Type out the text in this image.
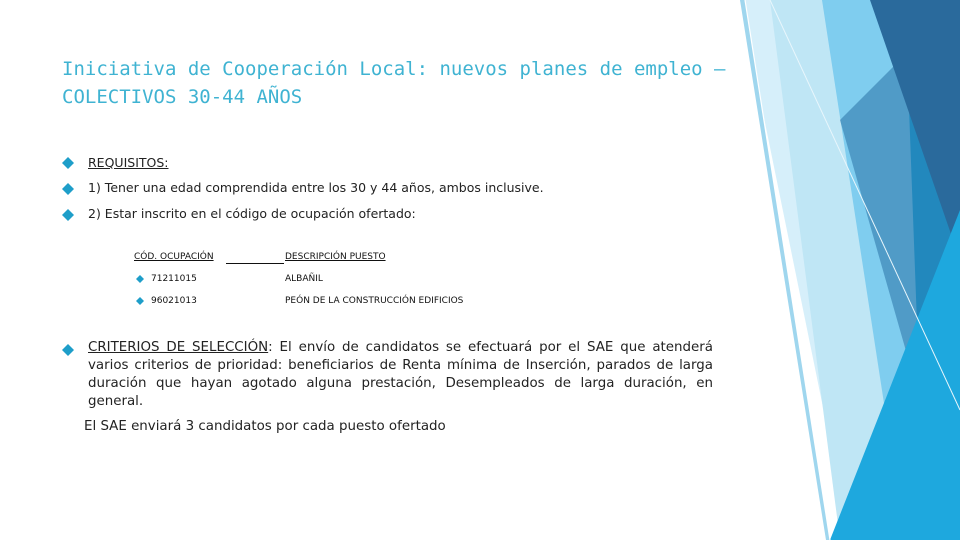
Iniciativa de Cooperación Local: nuevos planes de empleo –
COLECTIVOS 30-44 AÑOS
REQUISITOS:
1) Tener una edad comprendida entre los 30 y 44 años, ambos inclusive.
2) Estar inscrito en el código de ocupación ofertado:
CÓD. OCUPACIÓN	DESCRIPCIÓN PUESTO
71211015	ALBAÑIL
96021013	PEÓN DE LA CONSTRUCCIÓN EDIFICIOS
CRITERIOS DE SELECCIÓN: El envío de candidatos se efectuará por el SAE que atenderá varios criterios de prioridad: beneficiarios de Renta mínima de Inserción, parados de larga duración que hayan agotado alguna prestación, Desempleados de larga duración, en general.
El SAE enviará 3 candidatos por cada puesto ofertado
